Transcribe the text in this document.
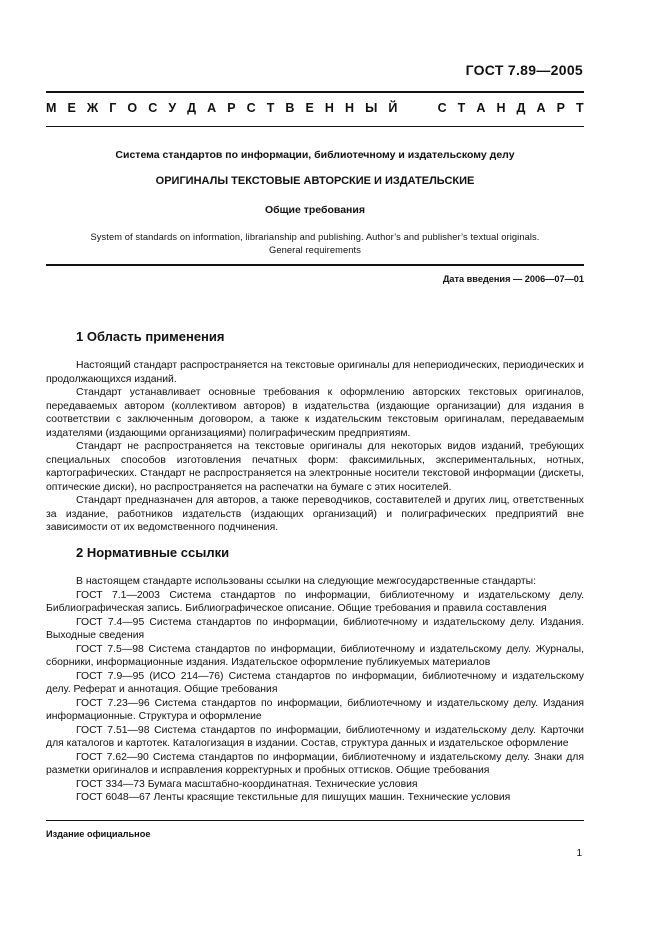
ГОСТ 7.89—2005
М Е Ж Г О С У Д А Р С Т В Е Н Н Ы Й

	С Т А Н Д А Р Т
Система стандартов по информации, библиотечному и издательскому делу
ОРИГИНАЛЫ ТЕКСТОВЫЕ АВТОРСКИЕ И ИЗДАТЕЛЬСКИЕ
Общие требования
System of standards on information, librarianship and publishing. Author’s and publisher’s textual originals.
General requirements
Дата введения — 2006—07—01
1 Область применения

Настоящий стандарт распространяется на текстовые оригиналы для непериодических, периодических и продолжающихся изданий.

Стандарт устанавливает основные требования к оформлению авторских текстовых оригиналов, передаваемых автором (коллективом авторов) в издательства (издающие организации) для издания в соответствии с заключенным договором, а также к издательским текстовым оригиналам, передаваемым издателями (издающими организациями) полиграфическим предприятиям.

Стандарт не распространяется на текстовые оригиналы для некоторых видов изданий, требующих специальных способов изготовления печатных форм: факсимильных, экспериментальных, нотных, картографических. Стандарт не распространяется на электронные носители текстовой информации (дискеты, оптические диски), но распространяется на распечатки на бумаге с этих носителей.

Стандарт предназначен для авторов, а также переводчиков, составителей и других лиц, ответственных за издание, работников издательств (издающих организаций) и полиграфических предприятий вне зависимости от их ведомственного подчинения.

2 Нормативные ссылки

В настоящем стандарте использованы ссылки на следующие межгосударственные стандарты:

ГОСТ 7.1—2003 Система стандартов по информации, библиотечному и издательскому делу. Библиографическая запись. Библиографическое описание. Общие требования и правила составления

ГОСТ 7.4—95 Система стандартов по информации, библиотечному и издательскому делу. Издания. Выходные сведения

ГОСТ 7.5—98 Система стандартов по информации, библиотечному и издательскому делу. Журналы, сборники, информационные издания. Издательское оформление публикуемых материалов

ГОСТ 7.9—95 (ИСО 214—76) Система стандартов по информации, библиотечному и издательскому делу. Реферат и аннотация. Общие требования

ГОСТ 7.23—96 Система стандартов по информации, библиотечному и издательскому делу. Издания информационные. Структура и оформление

ГОСТ 7.51—98 Система стандартов по информации, библиотечному и издательскому делу. Карточки для каталогов и картотек. Каталогизация в издании. Состав, структура данных и издательское оформление

ГОСТ 7.62—90 Система стандартов по информации, библиотечному и издательскому делу. Знаки для разметки оригиналов и исправления корректурных и пробных оттисков. Общие требования

ГОСТ 334—73 Бумага масштабно-координатная. Технические условия

ГОСТ 6048—67 Ленты красящие текстильные для пишущих машин. Технические условия

Издание официальное
1
